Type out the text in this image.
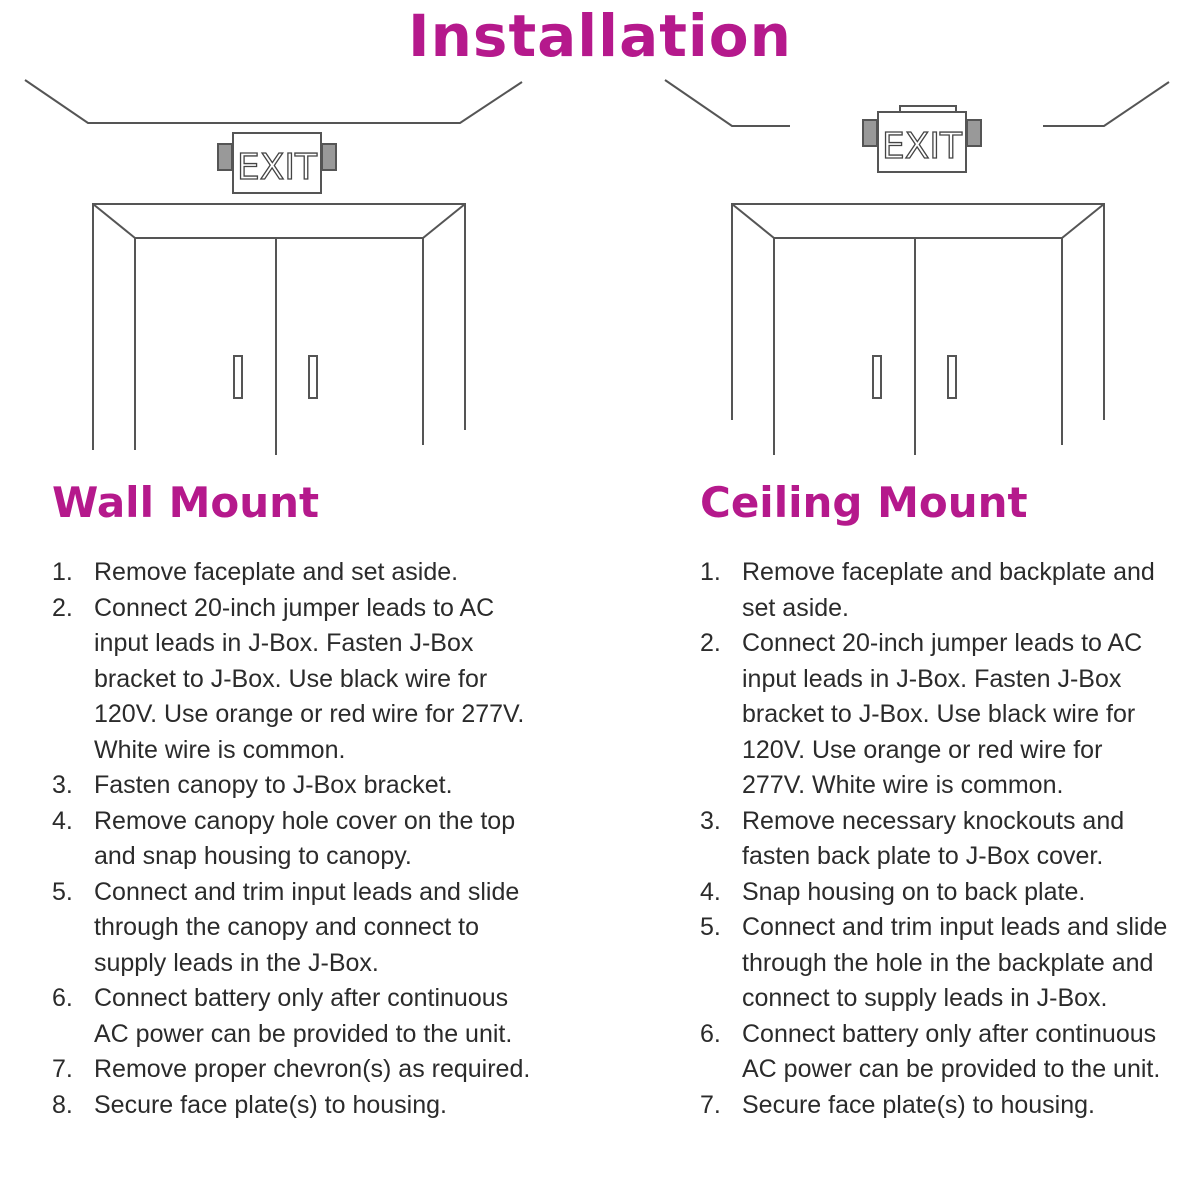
Installation
EXIT
EXIT
Wall Mount
1. Remove faceplate and set aside.
2. Connect 20-inch jumper leads to AC input leads in J-Box. Fasten J-Box bracket to J-Box. Use black wire for 120V. Use orange or red wire for 277V. White wire is common.
3. Fasten canopy to J-Box bracket.
4. Remove canopy hole cover on the top and snap housing to canopy.
5. Connect and trim input leads and slide through the canopy and connect to supply leads in the J-Box.
6. Connect battery only after continuous AC power can be provided to the unit.
7. Remove proper chevron(s) as required.
8. Secure face plate(s) to housing.
Ceiling Mount
1. Remove faceplate and backplate and set aside.
2. Connect 20-inch jumper leads to AC input leads in J-Box. Fasten J-Box bracket to J-Box. Use black wire for 120V. Use orange or red wire for 277V. White wire is common.
3. Remove necessary knockouts and fasten back plate to J-Box cover.
4. Snap housing on to back plate.
5. Connect and trim input leads and slide through the hole in the backplate and connect to supply leads in J-Box.
6. Connect battery only after continuous AC power can be provided to the unit.
7. Secure face plate(s) to housing.
